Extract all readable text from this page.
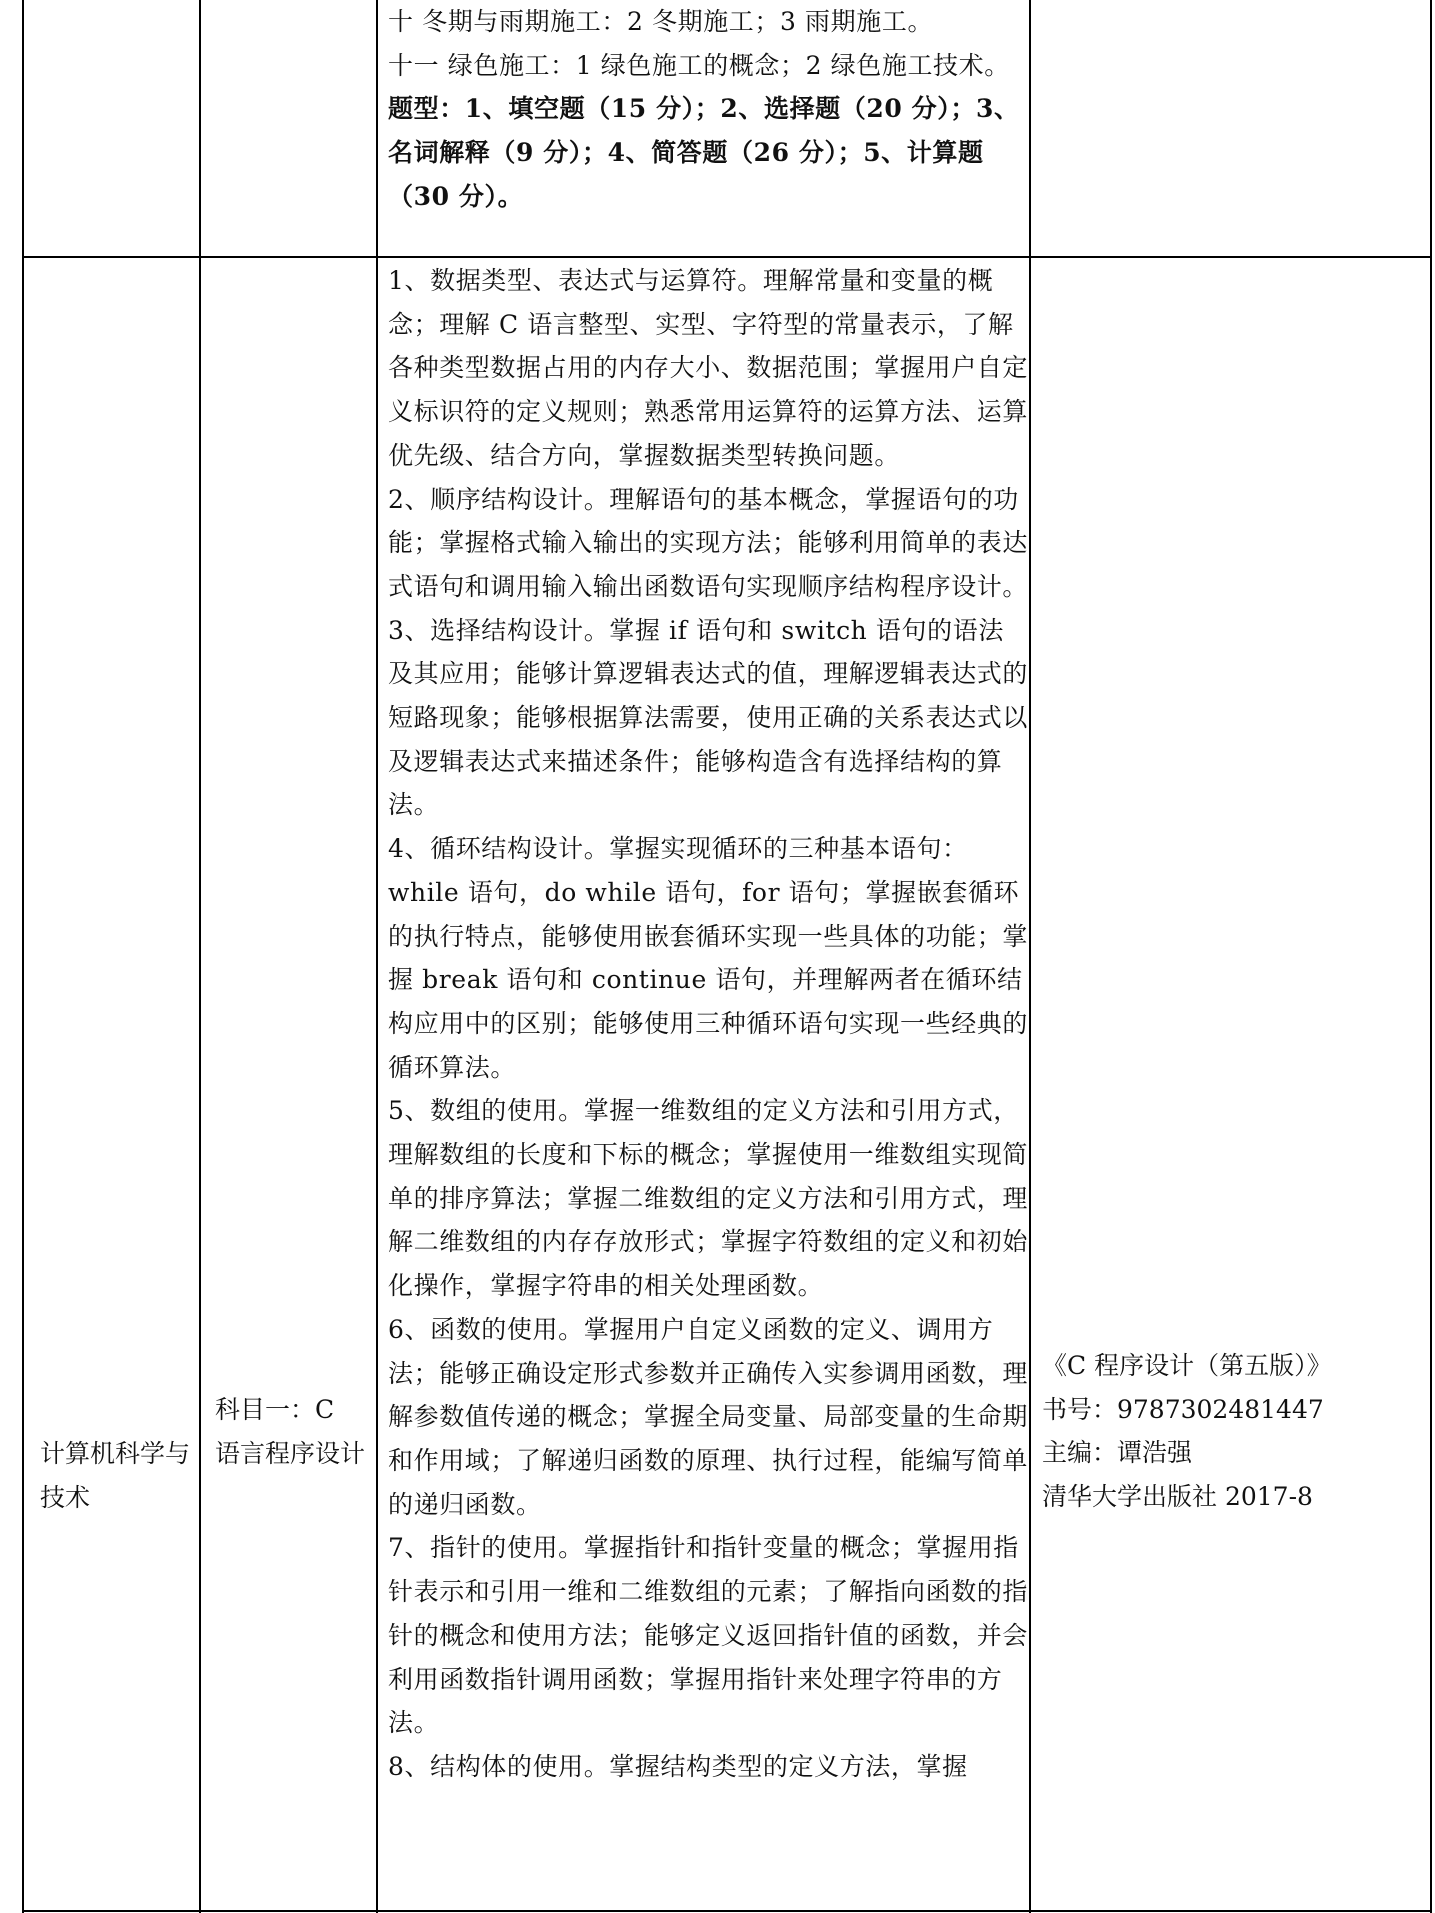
十 冬期与雨期施工：2 冬期施工；3 雨期施工。

十一 绿色施工：1 绿色施工的概念；2 绿色施工技术。

题型：1、填空题（15 分）；2、选择题（20 分）；3、名词解释（9 分）；4、简答题（26 分）；5、计算题（30 分）。

计算机科学与技术
科目一：C 语言程序设计

1、数据类型、表达式与运算符。理解常量和变量的概念；理解 C 语言整型、实型、字符型的常量表示，了解各种类型数据占用的内存大小、数据范围；掌握用户自定义标识符的定义规则；熟悉常用运算符的运算方法、运算优先级、结合方向，掌握数据类型转换问题。

2、顺序结构设计。理解语句的基本概念，掌握语句的功能；掌握格式输入输出的实现方法；能够利用简单的表达式语句和调用输入输出函数语句实现顺序结构程序设计。

3、选择结构设计。掌握 if 语句和 switch 语句的语法及其应用；能够计算逻辑表达式的值，理解逻辑表达式的短路现象；能够根据算法需要，使用正确的关系表达式以及逻辑表达式来描述条件；能够构造含有选择结构的算法。

4、循环结构设计。掌握实现循环的三种基本语句：while 语句，do while 语句，for 语句；掌握嵌套循环的执行特点，能够使用嵌套循环实现一些具体的功能；掌握 break 语句和 continue 语句，并理解两者在循环结构应用中的区别；能够使用三种循环语句实现一些经典的循环算法。

5、数组的使用。掌握一维数组的定义方法和引用方式，理解数组的长度和下标的概念；掌握使用一维数组实现简单的排序算法；掌握二维数组的定义方法和引用方式，理解二维数组的内存存放形式；掌握字符数组的定义和初始化操作，掌握字符串的相关处理函数。

6、函数的使用。掌握用户自定义函数的定义、调用方法；能够正确设定形式参数并正确传入实参调用函数，理解参数值传递的概念；掌握全局变量、局部变量的生命期和作用域；了解递归函数的原理、执行过程，能编写简单的递归函数。

7、指针的使用。掌握指针和指针变量的概念；掌握用指针表示和引用一维和二维数组的元素；了解指向函数的指针的概念和使用方法；能够定义返回指针值的函数，并会利用函数指针调用函数；掌握用指针来处理字符串的方法。

8、结构体的使用。掌握结构类型的定义方法，掌握

《C 程序设计（第五版）》
书号：9787302481447
主编：谭浩强
清华大学出版社 2017-8
